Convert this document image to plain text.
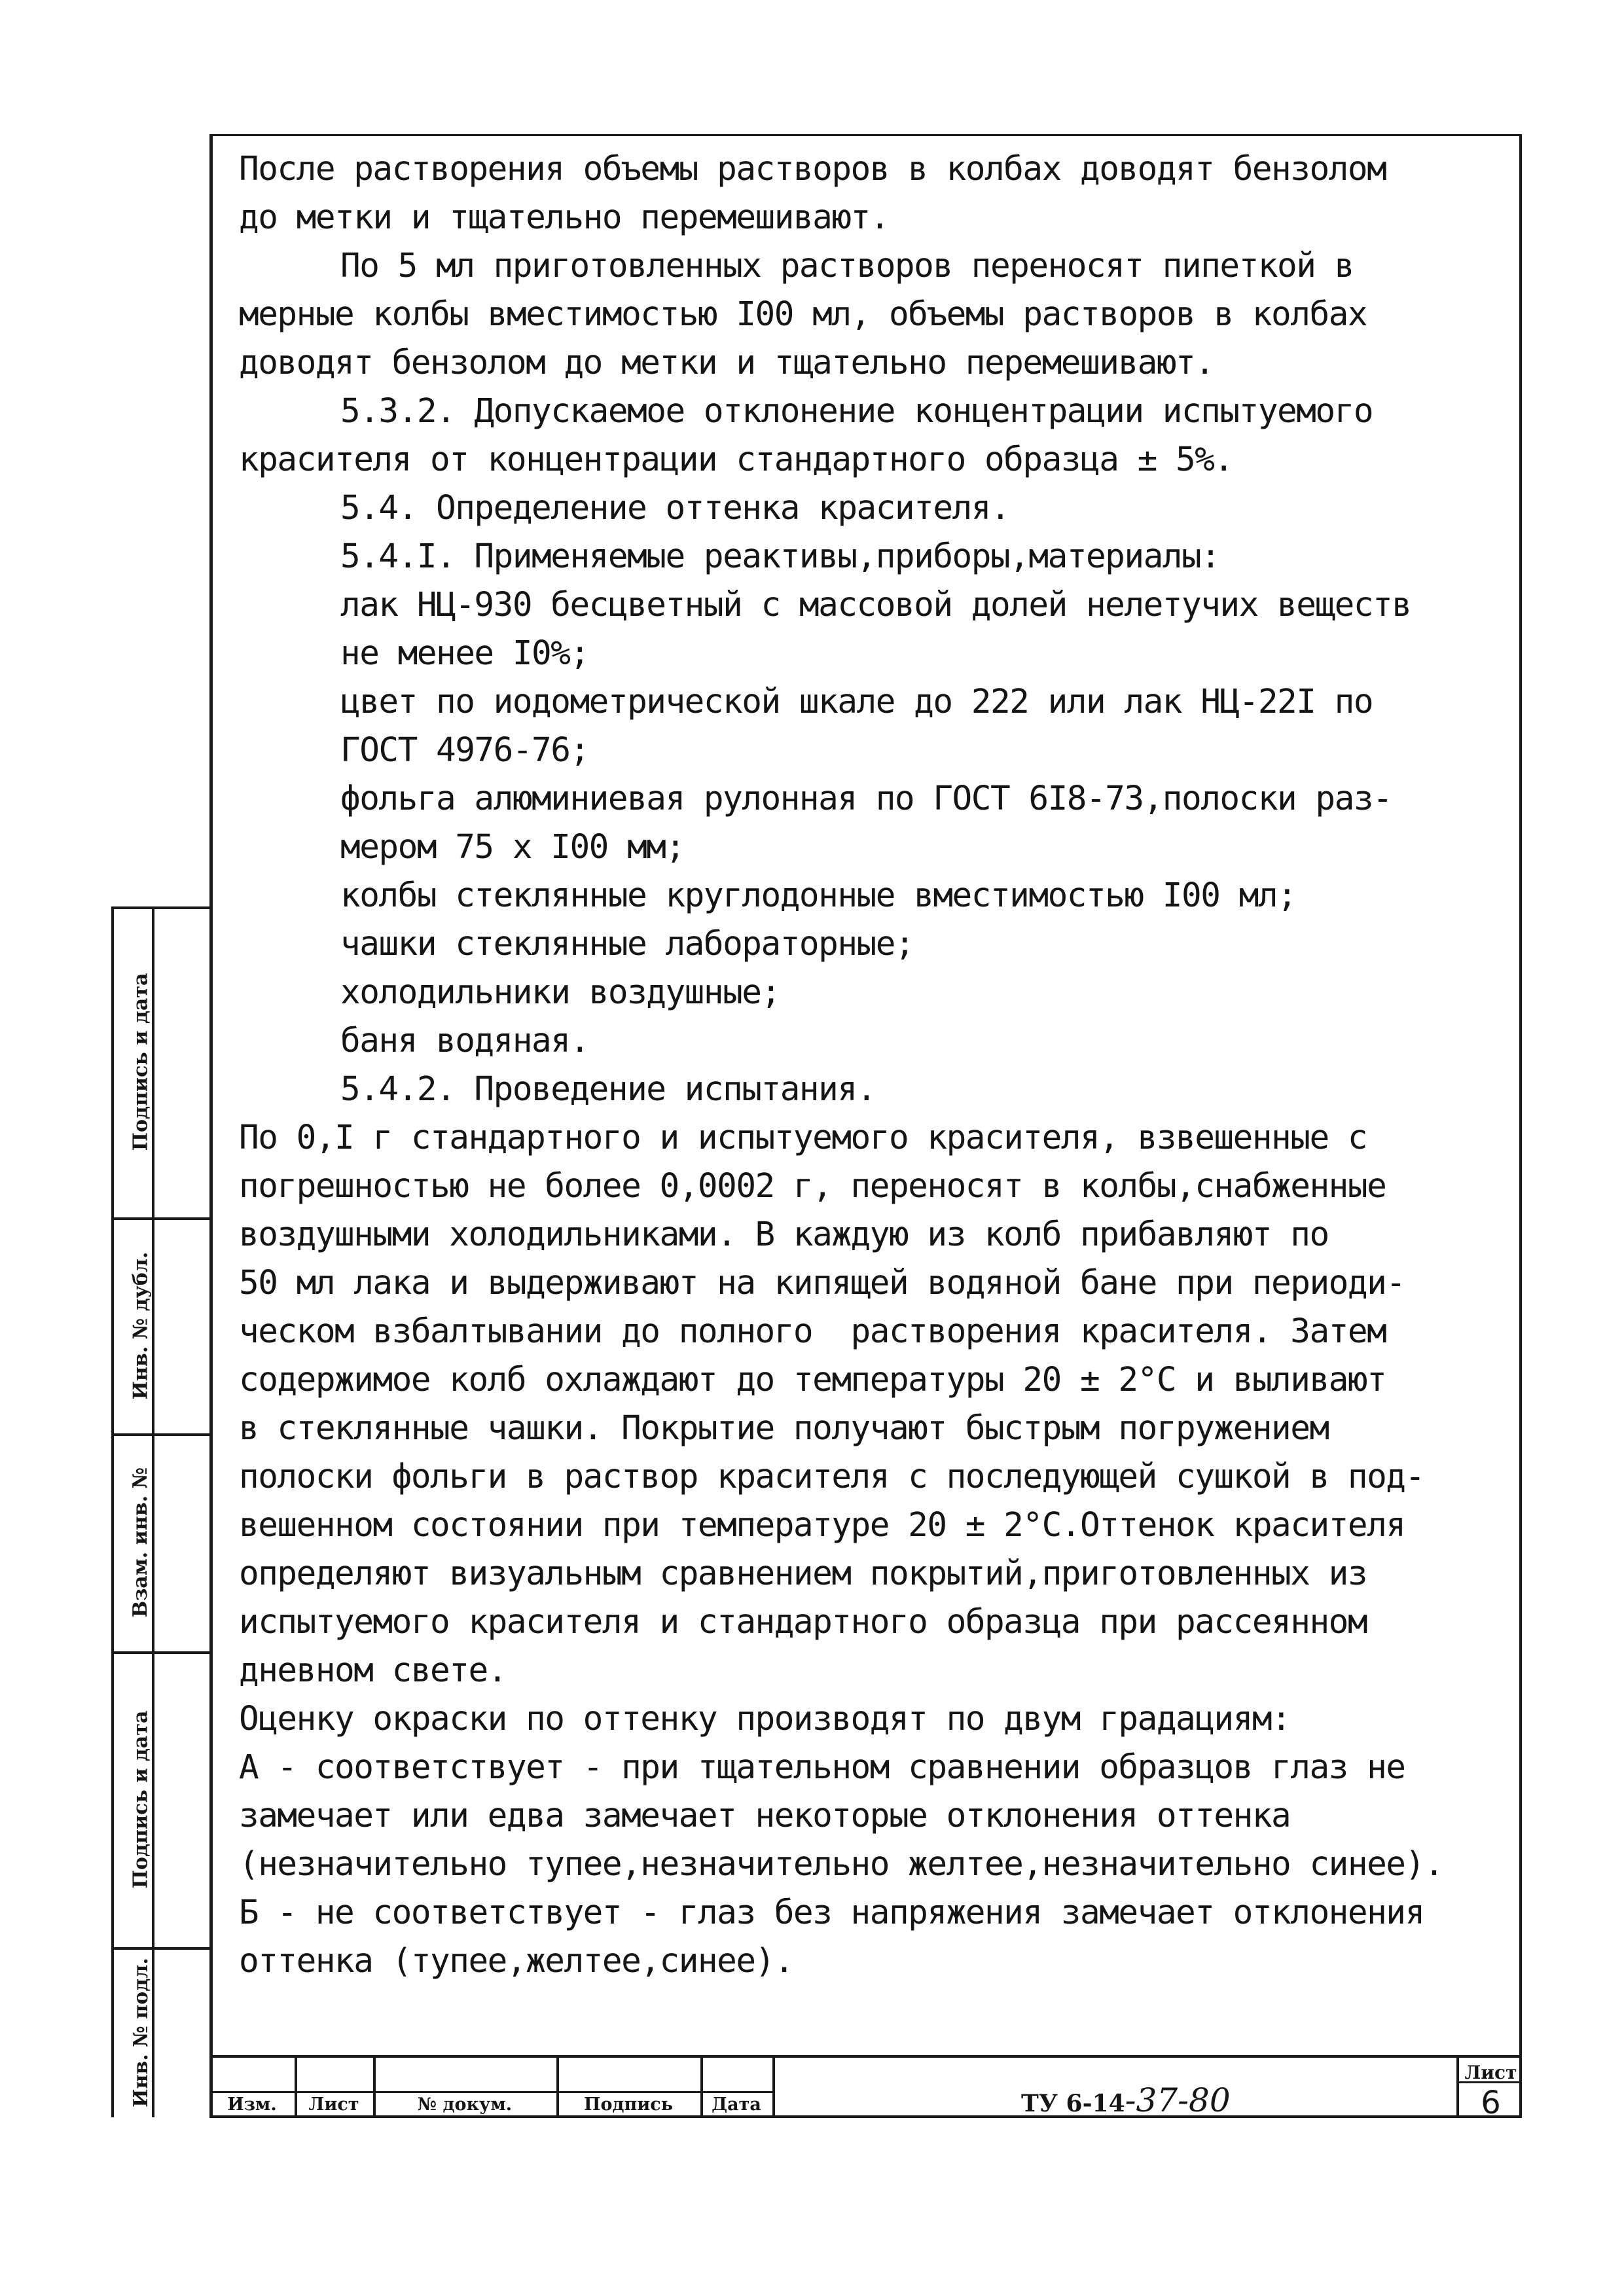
После растворения объемы растворов в колбах доводят бензолом
до метки и тщательно перемешивают.
По 5 мл приготовленных растворов переносят пипеткой в
мерные колбы вместимостью I00 мл, объемы растворов в колбах
доводят бензолом до метки и тщательно перемешивают.
5.3.2. Допускаемое отклонение концентрации испытуемого
красителя от концентрации стандартного образца ± 5%.
5.4. Определение оттенка красителя.
5.4.I. Применяемые реактивы,приборы,материалы:
лак НЦ-930 бесцветный с массовой долей нелетучих веществ
не менее I0%;
цвет по иодометрической шкале до 222 или лак НЦ-22I по
ГОСТ 4976-76;
фольга алюминиевая рулонная по ГОСТ 6I8-73,полоски раз-
мером 75 х I00 мм;
колбы стеклянные круглодонные вместимостью I00 мл;
чашки стеклянные лабораторные;
холодильники воздушные;
баня водяная.
5.4.2. Проведение испытания.
По 0,I г стандартного и испытуемого красителя, взвешенные с
погрешностью не более 0,0002 г, переносят в колбы,снабженные
воздушными холодильниками. В каждую из колб прибавляют по
50 мл лака и выдерживают на кипящей водяной бане при периоди-
ческом взбалтывании до полного  растворения красителя. Затем
содержимое колб охлаждают до температуры 20 ± 2°С и выливают
в стеклянные чашки. Покрытие получают быстрым погружением
полоски фольги в раствор красителя с последующей сушкой в под-
вешенном состоянии при температуре 20 ± 2°С.Оттенок красителя
определяют визуальным сравнением покрытий,приготовленных из
испытуемого красителя и стандартного образца при рассеянном
дневном свете.
Оценку окраски по оттенку производят по двум градациям:
А - соответствует - при тщательном сравнении образцов глаз не
замечает или едва замечает некоторые отклонения оттенка
(незначительно тупее,незначительно желтее,незначительно синее).
Б - не соответствует - глаз без напряжения замечает отклонения
оттенка (тупее,желтее,синее).
Подпись и дата
Инв. № дубл.
Взам. инв. №
Подпись и дата
Инв. № подл.	Изм.	Лист	№ докум.	Подпись	Дата	ТУ 6-14-37-80
Лист
6
